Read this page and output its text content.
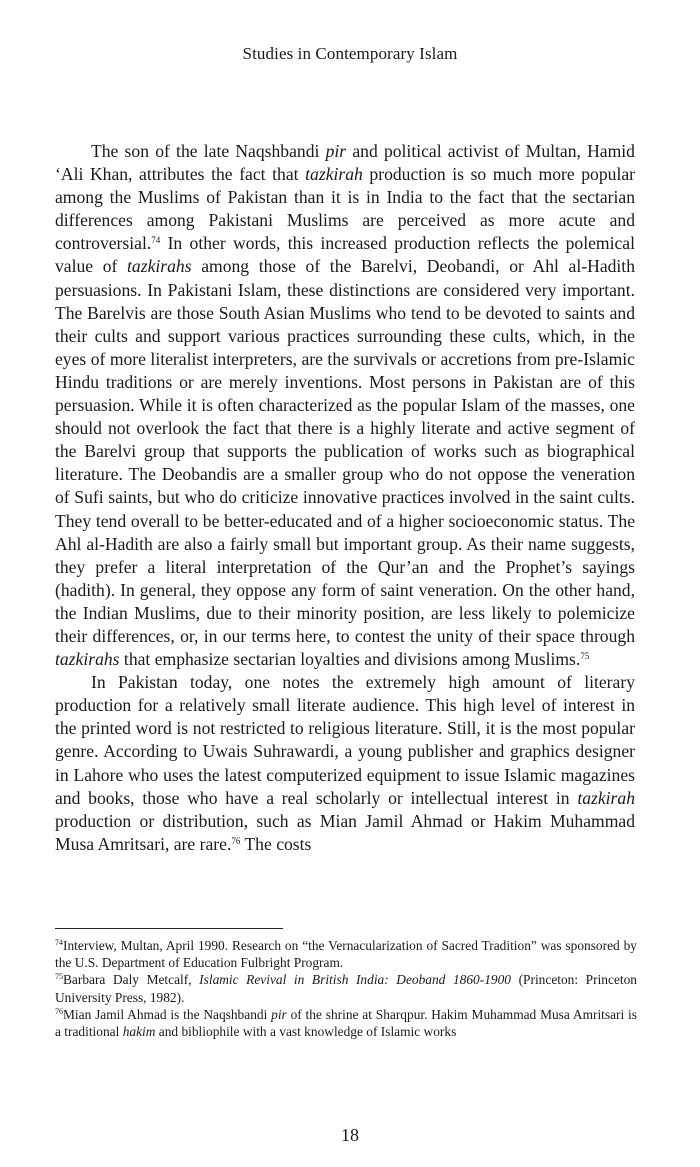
Studies in Contemporary Islam

The son of the late Naqshbandi pir and political activist of Multan, Hamid ‘Ali Khan, attributes the fact that tazkirah production is so much more popular among the Muslims of Pakistan than it is in India to the fact that the sectarian differences among Pakistani Muslims are perceived as more acute and controversial.$^{74}$ In other words, this increased production reflects the polemical value of tazkirahs among those of the Barelvi, Deobandi, or Ahl al-Hadith persuasions. In Pakistani Islam, these distinctions are considered very important. The Barelvis are those South Asian Muslims who tend to be devoted to saints and their cults and support various practices surrounding these cults, which, in the eyes of more literalist interpreters, are the survivals or accretions from pre-Islamic Hindu traditions or are merely inventions. Most persons in Pakistan are of this persuasion. While it is often characterized as the popular Islam of the masses, one should not overlook the fact that there is a highly literate and active segment of the Barelvi group that supports the publication of works such as biographical literature. The Deobandis are a smaller group who do not oppose the veneration of Sufi saints, but who do criticize innovative practices involved in the saint cults. They tend overall to be better-educated and of a higher socioeconomic status. The Ahl al-Hadith are also a fairly small but important group. As their name suggests, they prefer a literal interpretation of the Qur’an and the Prophet’s sayings (hadith). In general, they oppose any form of saint veneration. On the other hand, the Indian Muslims, due to their minority position, are less likely to polemicize their differences, or, in our terms here, to contest the unity of their space through tazkirahs that emphasize sectarian loyalties and divisions among Muslims.$^{75}$

In Pakistan today, one notes the extremely high amount of literary production for a relatively small literate audience. This high level of interest in the printed word is not restricted to religious literature. Still, it is the most popular genre. According to Uwais Suhrawardi, a young publisher and graphics designer in Lahore who uses the latest computerized equipment to issue Islamic magazines and books, those who have a real scholarly or intellectual interest in tazkirah production or distribution, such as Mian Jamil Ahmad or Hakim Muhammad Musa Amritsari, are rare.$^{76}$ The costs

$^{74}$Interview, Multan, April 1990. Research on “the Vernacularization of Sacred Tradition” was sponsored by the U.S. Department of Education Fulbright Program.

$^{75}$Barbara Daly Metcalf, Islamic Revival in British India: Deoband 1860-1900 (Princeton: Princeton University Press, 1982).

$^{76}$Mian Jamil Ahmad is the Naqshbandi pir of the shrine at Sharqpur. Hakim Muhammad Musa Amritsari is a traditional hakim and bibliophile with a vast knowledge of Islamic works

18
